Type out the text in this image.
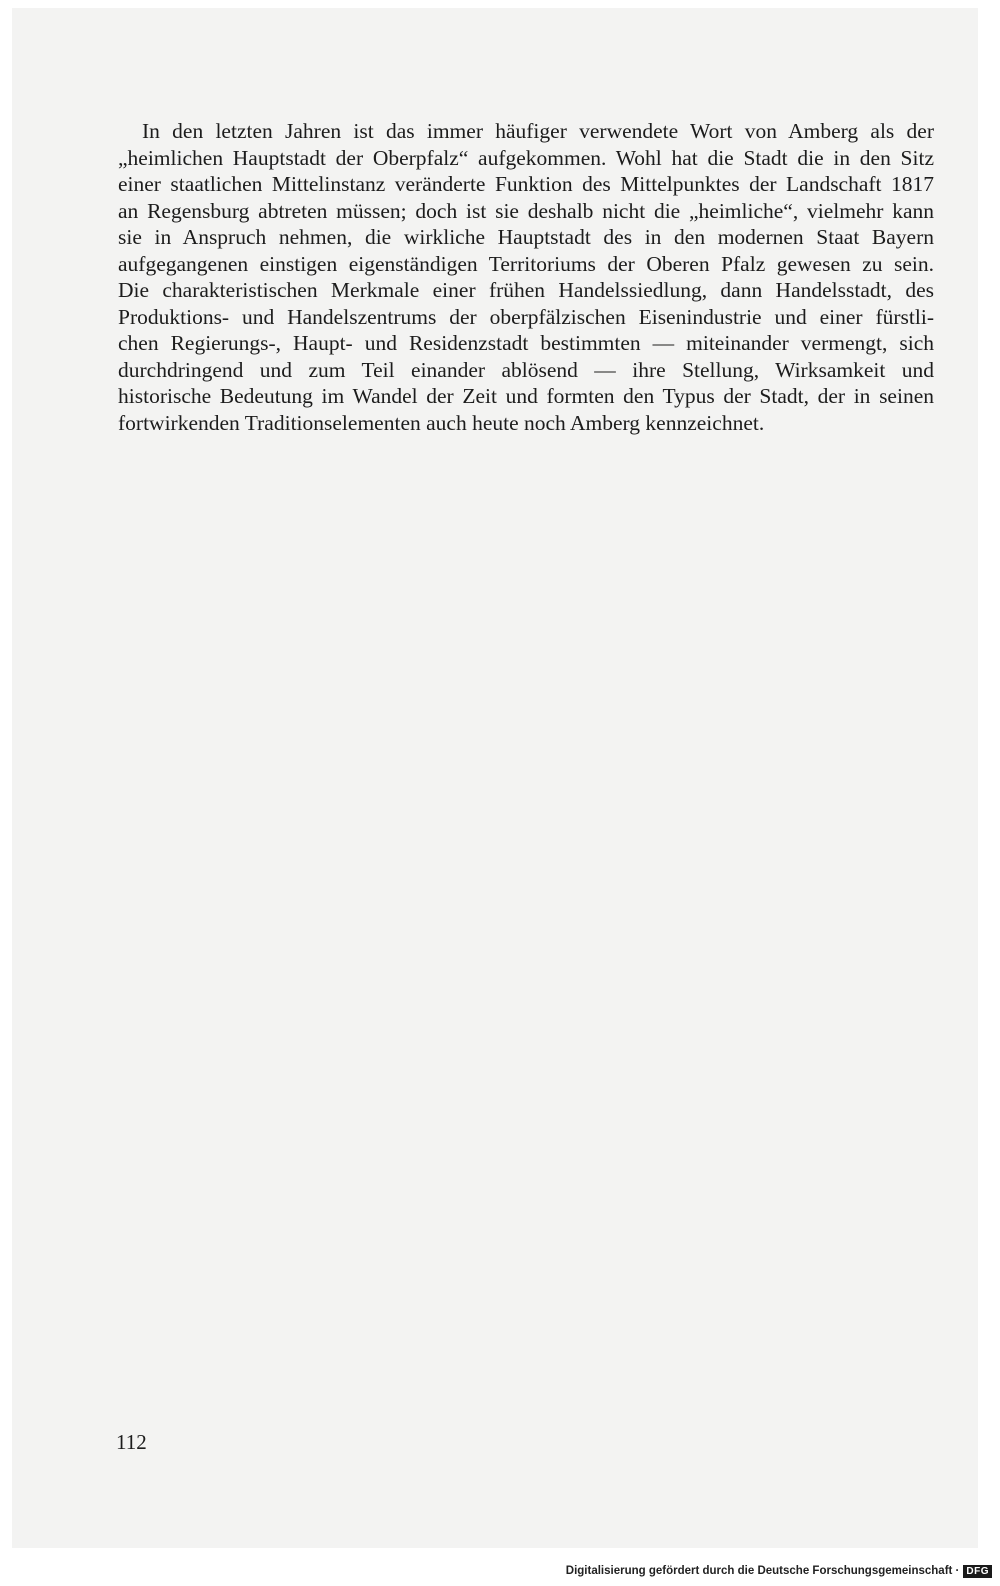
In den letzten Jahren ist das immer häufiger verwendete Wort von Amberg als der
„heimlichen Hauptstadt der Oberpfalz“ aufgekommen. Wohl hat die Stadt die in den Sitz
einer staatlichen Mittelinstanz veränderte Funktion des Mittelpunktes der Landschaft 1817
an Regensburg abtreten müssen; doch ist sie deshalb nicht die „heimliche“, vielmehr kann
sie in Anspruch nehmen, die wirkliche Hauptstadt des in den modernen Staat Bayern
aufgegangenen einstigen eigenständigen Territoriums der Oberen Pfalz gewesen zu sein.
Die charakteristischen Merkmale einer frühen Handelssiedlung, dann Handelsstadt, des
Produktions- und Handelszentrums der oberpfälzischen Eisenindustrie und einer fürstli-
chen Regierungs-, Haupt- und Residenzstadt bestimmten — miteinander vermengt, sich
durchdringend und zum Teil einander ablösend — ihre Stellung, Wirksamkeit und
historische Bedeutung im Wandel der Zeit und formten den Typus der Stadt, der in seinen
fortwirkenden Traditionselementen auch heute noch Amberg kennzeichnet.
112
Digitalisierung gefördert durch die Deutsche Forschungsgemeinschaft · DFG
